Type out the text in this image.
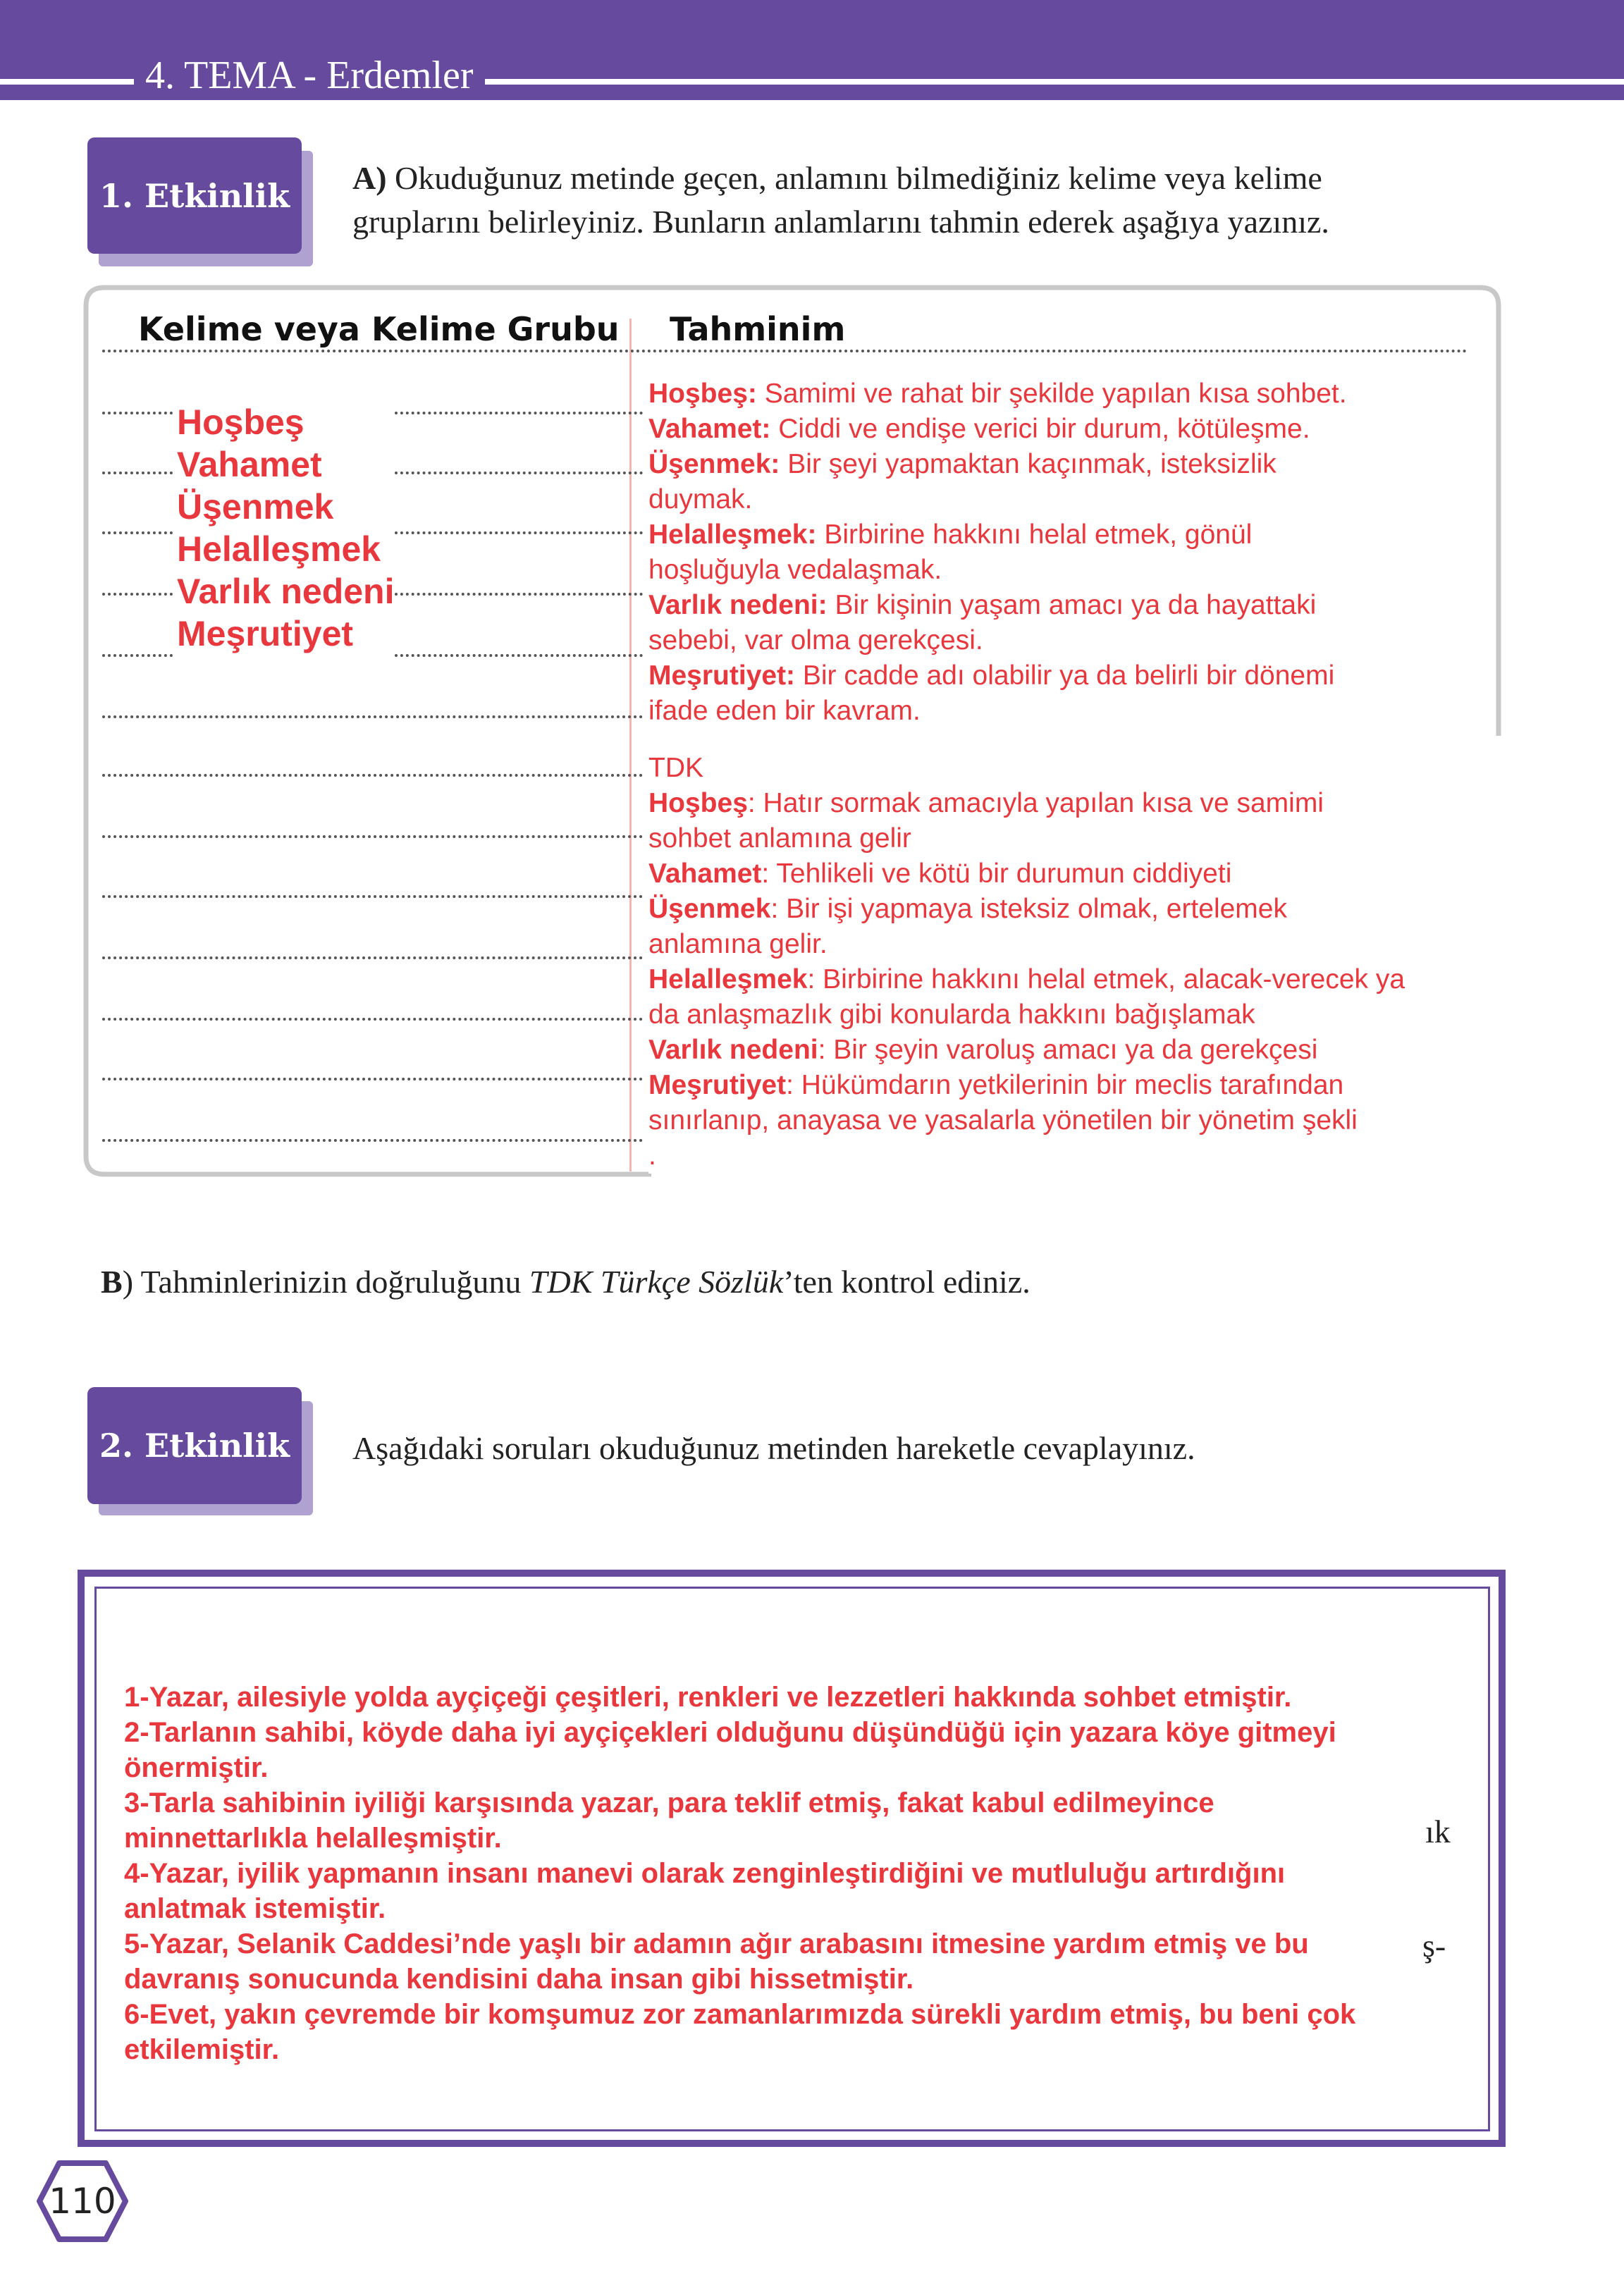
4. TEMA - Erdemler
1. Etkinlik	A) Okuduğunuz metinde geçen, anlamını bilmediğiniz kelime veya kelime
gruplarını belirleyiniz. Bunların anlamlarını tahmin ederek aşağıya yazınız.
Kelime veya Kelime Grubu Tahminim
Hoşbeş
Vahamet
Üşenmek
Helalleşmek
Varlık nedeni
Meşrutiyet
Hoşbeş: Samimi ve rahat bir şekilde yapılan kısa sohbet.
Vahamet: Ciddi ve endişe verici bir durum, kötüleşme.
Üşenmek: Bir şeyi yapmaktan kaçınmak, isteksizlik
duymak.
Helalleşmek: Birbirine hakkını helal etmek, gönül
hoşluğuyla vedalaşmak.
Varlık nedeni: Bir kişinin yaşam amacı ya da hayattaki
sebebi, var olma gerekçesi.
Meşrutiyet: Bir cadde adı olabilir ya da belirli bir dönemi
ifade eden bir kavram.
TDK
Hoşbeş: Hatır sormak amacıyla yapılan kısa ve samimi
sohbet anlamına gelir
Vahamet: Tehlikeli ve kötü bir durumun ciddiyeti
Üşenmek: Bir işi yapmaya isteksiz olmak, ertelemek
anlamına gelir.
Helalleşmek: Birbirine hakkını helal etmek, alacak-verecek ya
da anlaşmazlık gibi konularda hakkını bağışlamak
Varlık nedeni: Bir şeyin varoluş amacı ya da gerekçesi
Meşrutiyet: Hükümdarın yetkilerinin bir meclis tarafından
sınırlanıp, anayasa ve yasalarla yönetilen bir yönetim şekli
.
B) Tahminlerinizin doğruluğunu TDK Türkçe Sözlük’ten kontrol ediniz.
2. Etkinlik	Aşağıdaki soruları okuduğunuz metinden hareketle cevaplayınız.
ık
ş-
1-Yazar, ailesiyle yolda ayçiçeği çeşitleri, renkleri ve lezzetleri hakkında sohbet etmiştir.
2-Tarlanın sahibi, köyde daha iyi ayçiçekleri olduğunu düşündüğü için yazara köye gitmeyi
önermiştir.
3-Tarla sahibinin iyiliği karşısında yazar, para teklif etmiş, fakat kabul edilmeyince
minnettarlıkla helalleşmiştir.
4-Yazar, iyilik yapmanın insanı manevi olarak zenginleştirdiğini ve mutluluğu artırdığını
anlatmak istemiştir.
5-Yazar, Selanik Caddesi’nde yaşlı bir adamın ağır arabasını itmesine yardım etmiş ve bu
davranış sonucunda kendisini daha insan gibi hissetmiştir.
6-Evet, yakın çevremde bir komşumuz zor zamanlarımızda sürekli yardım etmiş, bu beni çok
etkilemiştir.
110
